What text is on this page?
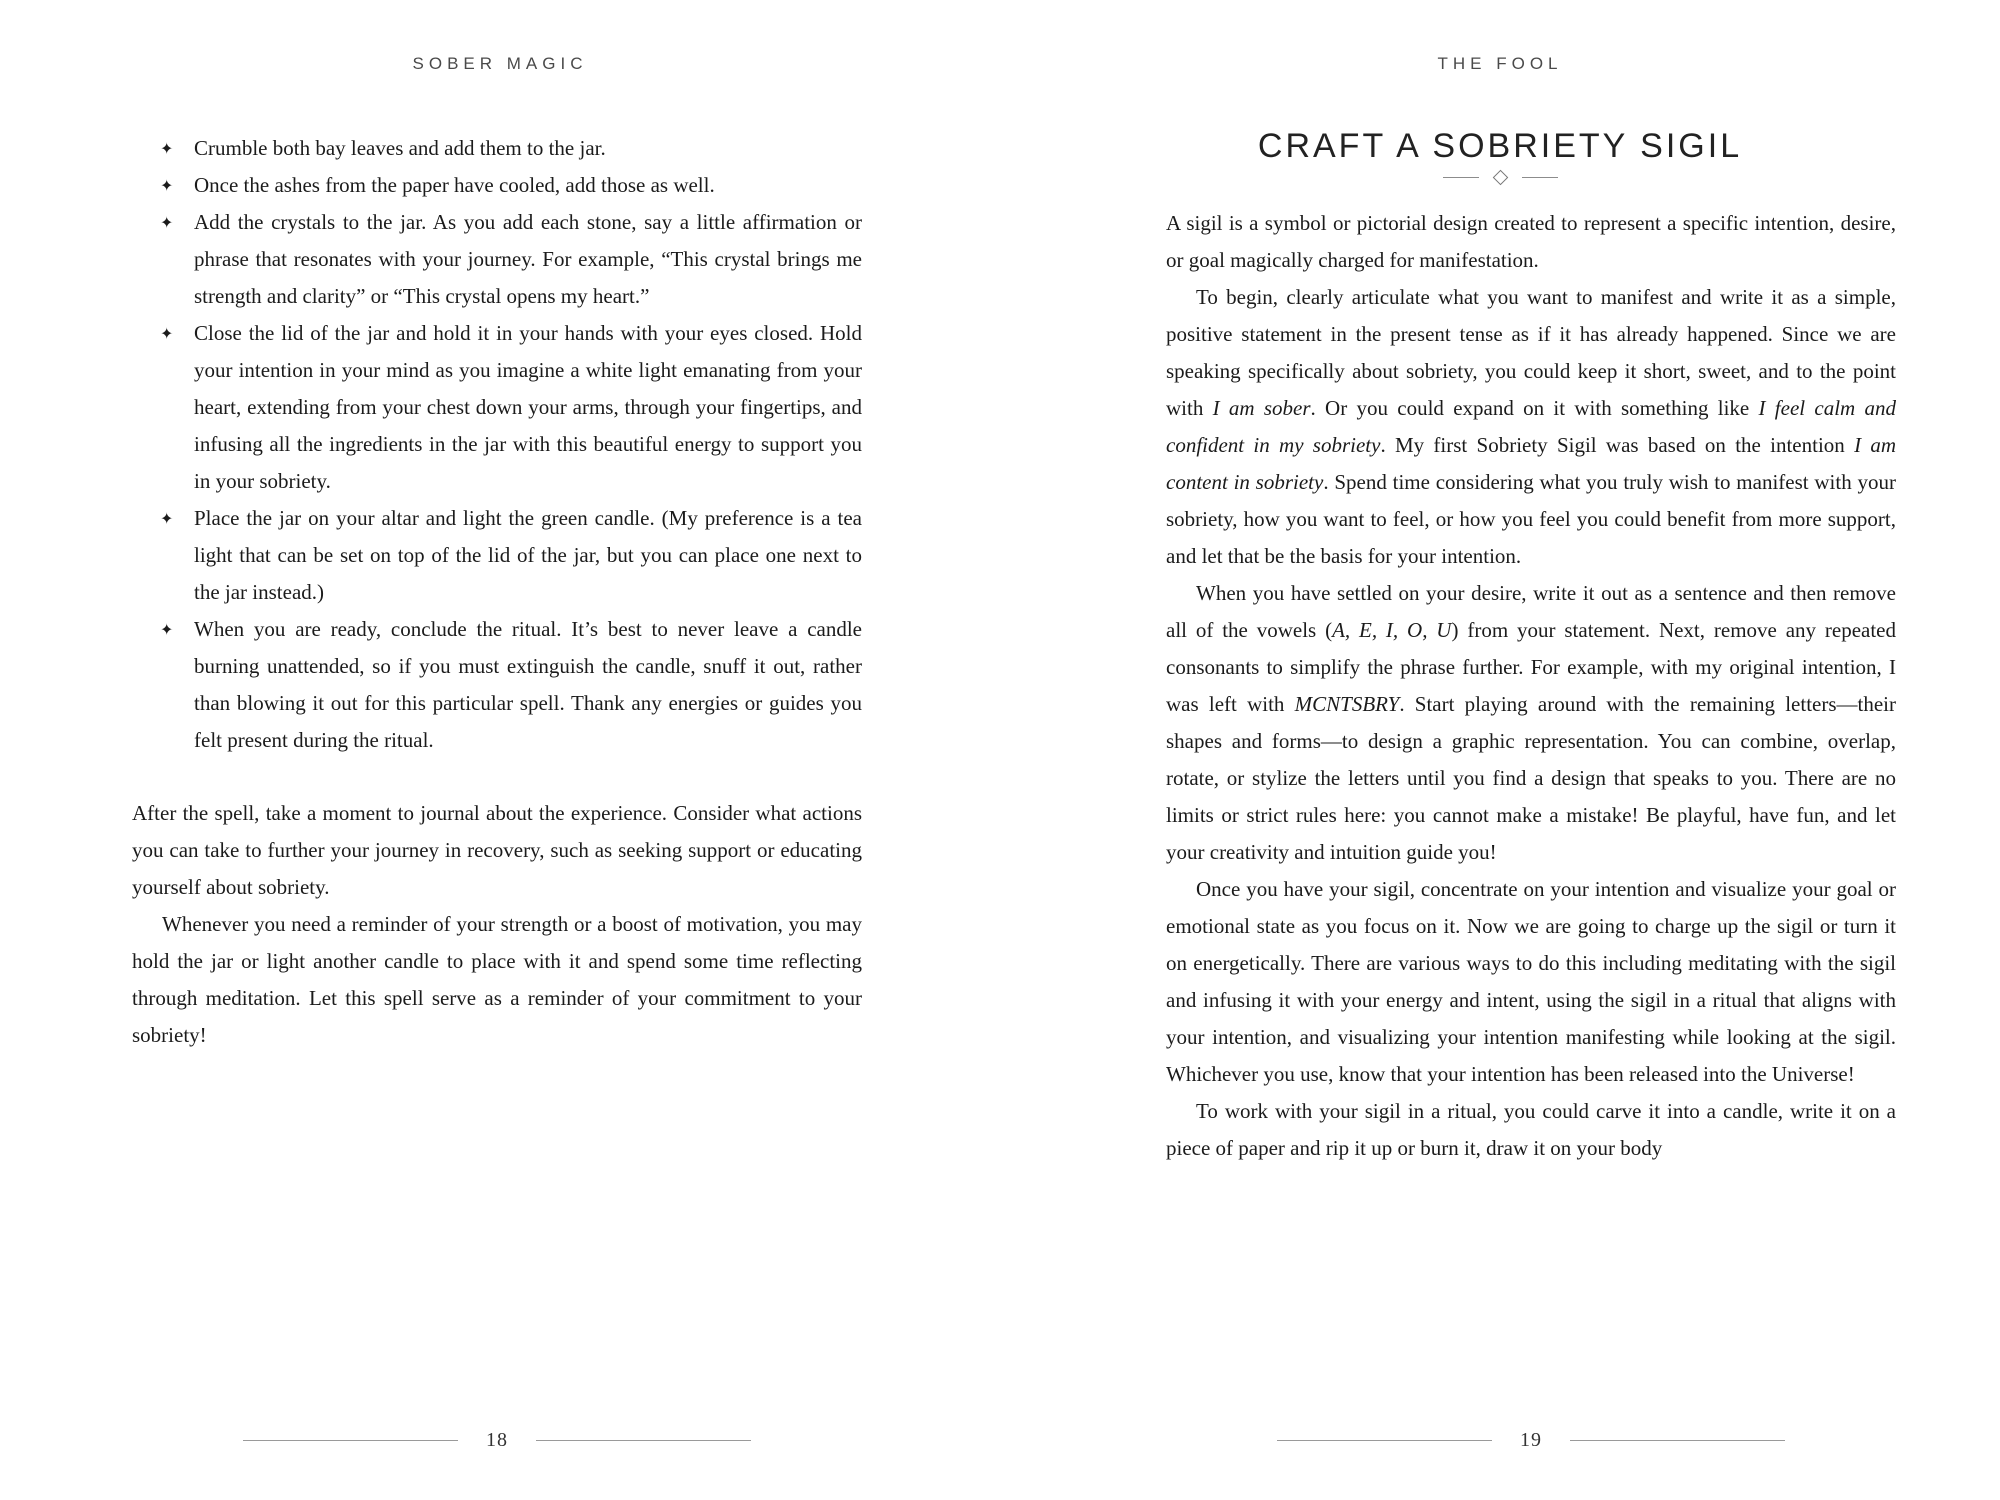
SOBER MAGIC
✦ Crumble both bay leaves and add them to the jar.
✦ Once the ashes from the paper have cooled, add those as well.
✦ Add the crystals to the jar. As you add each stone, say a little affirmation or phrase that resonates with your journey. For example, “This crystal brings me strength and clarity” or “This crystal opens my heart.”
✦ Close the lid of the jar and hold it in your hands with your eyes closed. Hold your intention in your mind as you imagine a white light emanating from your heart, extending from your chest down your arms, through your fingertips, and infusing all the ingredients in the jar with this beautiful energy to support you in your sobriety.
✦ Place the jar on your altar and light the green candle. (My preference is a tea light that can be set on top of the lid of the jar, but you can place one next to the jar instead.)
✦ When you are ready, conclude the ritual. It’s best to never leave a candle burning unattended, so if you must extinguish the candle, snuff it out, rather than blowing it out for this particular spell. Thank any energies or guides you felt present during the ritual.

After the spell, take a moment to journal about the experience. Consider what actions you can take to further your journey in recovery, such as seeking support or educating yourself about sobriety.

Whenever you need a reminder of your strength or a boost of motivation, you may hold the jar or light another candle to place with it and spend some time reflecting through meditation. Let this spell serve as a reminder of your commitment to your sobriety!

18
THE FOOL
CRAFT A SOBRIETY SIGIL

A sigil is a symbol or pictorial design created to represent a specific intention, desire, or goal magically charged for manifestation.

To begin, clearly articulate what you want to manifest and write it as a simple, positive statement in the present tense as if it has already happened. Since we are speaking specifically about sobriety, you could keep it short, sweet, and to the point with I am sober. Or you could expand on it with something like I feel calm and confident in my sobriety. My first Sobriety Sigil was based on the intention I am content in sobriety. Spend time considering what you truly wish to manifest with your sobriety, how you want to feel, or how you feel you could benefit from more support, and let that be the basis for your intention.

When you have settled on your desire, write it out as a sentence and then remove all of the vowels (A, E, I, O, U) from your statement. Next, remove any repeated consonants to simplify the phrase further. For example, with my original intention, I was left with MCNTSBRY. Start playing around with the remaining letters—their shapes and forms—to design a graphic representation. You can combine, overlap, rotate, or stylize the letters until you find a design that speaks to you. There are no limits or strict rules here: you cannot make a mistake! Be playful, have fun, and let your creativity and intuition guide you!

Once you have your sigil, concentrate on your intention and visualize your goal or emotional state as you focus on it. Now we are going to charge up the sigil or turn it on energetically. There are various ways to do this including meditating with the sigil and infusing it with your energy and intent, using the sigil in a ritual that aligns with your intention, and visualizing your intention manifesting while looking at the sigil. Whichever you use, know that your intention has been released into the Universe!

To work with your sigil in a ritual, you could carve it into a candle, write it on a piece of paper and rip it up or burn it, draw it on your body

19
